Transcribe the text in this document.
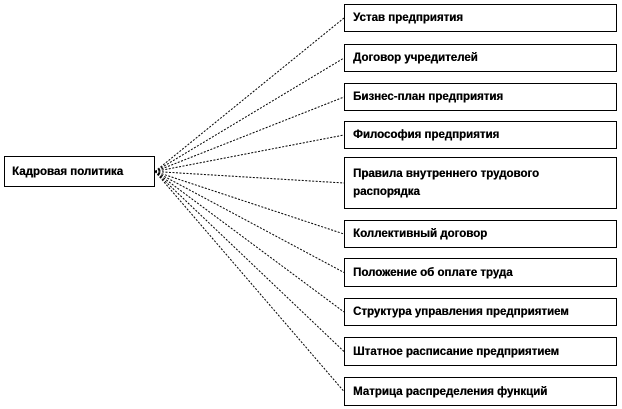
Кадровая политика
Устав предприятия
Договор учредителей
Бизнес-план предприятия
Философия предприятия
Правила внутреннего трудового распорядка
Коллективный договор
Положение об оплате труда
Структура управления предприятием
Штатное расписание предприятием
Матрица распределения функций
